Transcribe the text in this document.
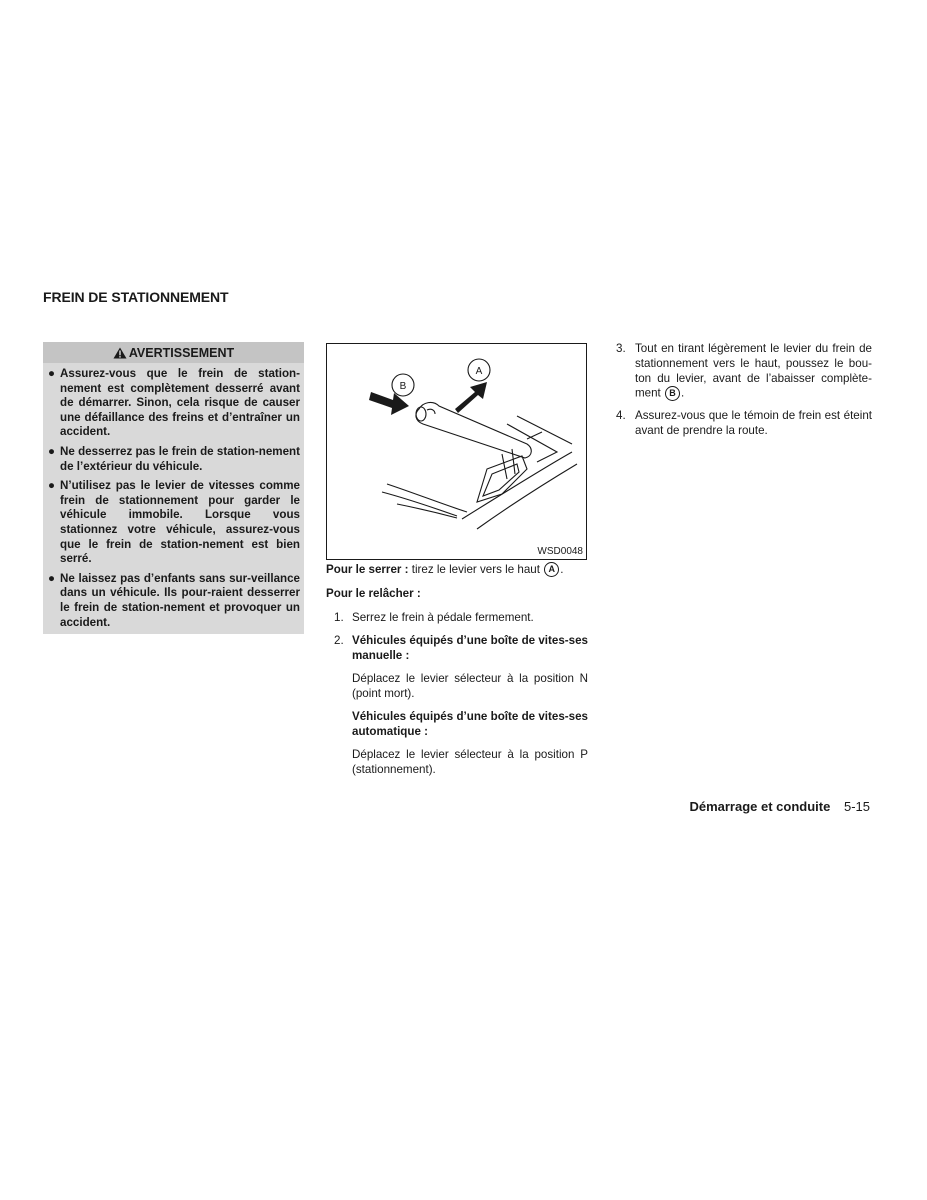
FREIN DE STATIONNEMENT
AVERTISSEMENT
● Assurez-vous que le frein de station-nement est complètement desserré avant de démarrer. Sinon, cela risque de causer une défaillance des freins et d’entraîner un accident.
● Ne desserrez pas le frein de station-nement de l’extérieur du véhicule.
● N’utilisez pas le levier de vitesses comme frein de stationnement pour garder le véhicule immobile. Lorsque vous stationnez votre véhicule, assurez-vous que le frein de station-nement est bien serré.
● Ne laissez pas d’enfants sans sur-veillance dans un véhicule. Ils pour-raient desserrer le frein de station-nement et provoquer un accident.
A
B
WSD0048

Pour le serrer : tirez le levier vers le haut A .

Pour le relâcher :

1. Serrez le frein à pédale fermement.
2. Véhicules équipés d’une boîte de vites-ses manuelle :
Déplacez le levier sélecteur à la position N (point mort).
Véhicules équipés d’une boîte de vites-ses automatique :
Déplacez le levier sélecteur à la position P (stationnement).
3. Tout en tirant légèrement le levier du frein de stationnement vers le haut, poussez le bou-ton du levier, avant de l’abaisser complète-ment B .
4. Assurez-vous que le témoin de frein est éteint avant de prendre la route.
Démarrage et conduite 5-15
